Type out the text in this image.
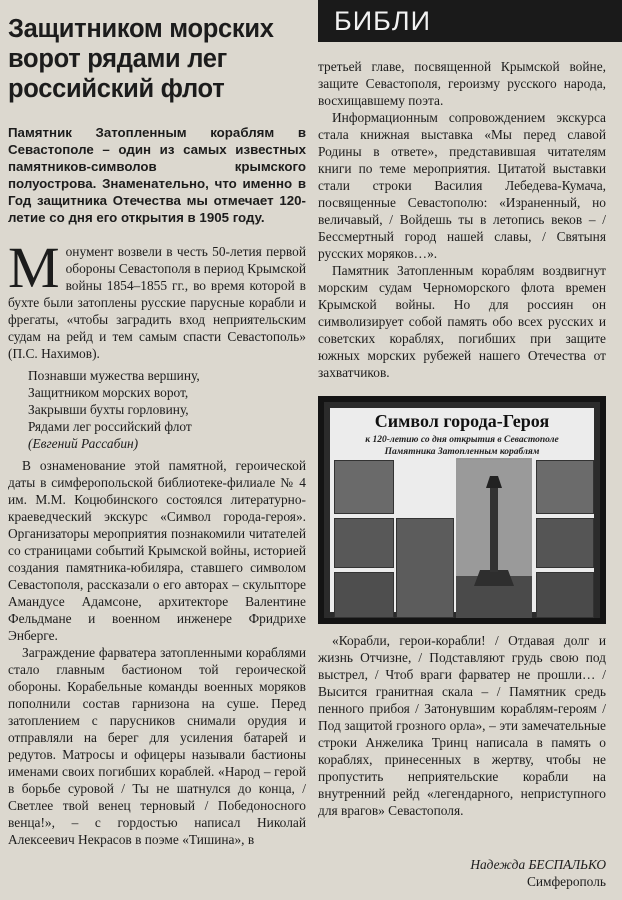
БИБЛИ
Защитником морских ворот рядами лег российский флот
Памятник Затопленным кораблям в Севастополе – один из самых известных памятников-символов крымского полуострова. Знаменательно, что именно в Год защитника Отечества мы отмечает 120-летие со дня его открытия в 1905 году.

Монумент возвели в честь 50-летия первой обороны Севастополя в период Крымской войны 1854–1855 гг., во время которой в бухте были затоплены русские парусные корабли и фрегаты, «чтобы заградить вход неприятельским судам на рейд и тем самым спасти Севастополь» (П.С. Нахимов).

Познавши мужества вершину,
Защитником морских ворот,
Закрывши бухты горловину,
Рядами лег российский флот
(Евгений Рассабин)

В ознаменование этой памятной, героической даты в симферопольской библиотеке-филиале № 4 им. М.М. Коцюбинского состоялся литературно-краеведческий экскурс «Символ города-героя». Организаторы мероприятия познакомили читателей со страницами событий Крымской войны, историей создания памятника-юбиляра, ставшего символом Севастополя, рассказали о его авторах – скульпторе Амандусе Адамсоне, архитекторе Валентине Фельдмане и военном инженере Фридрихе Энберге.

Заграждение фарватера затопленными кораблями стало главным бастионом той героической обороны. Корабельные команды военных моряков пополнили состав гарнизона на суше. Перед затоплением с парусников снимали орудия и отправляли на берег для усиления батарей и редутов. Матросы и офицеры называли бастионы именами своих погибших кораблей. «Народ – герой в борьбе суровой / Ты не шатнулся до конца, / Светлее твой венец терновый / Победоносного венца!», – с гордостью написал Николай Алексеевич Некрасов в поэме «Тишина», в

третьей главе, посвященной Крымской войне, защите Севастополя, героизму русского народа, восхищавшему поэта.

Информационным сопровождением экскурса стала книжная выставка «Мы перед славой Родины в ответе», представившая читателям книги по теме мероприятия. Цитатой выставки стали строки Василия Лебедева-Кумача, посвященные Севастополю: «Израненный, но величавый, / Войдешь ты в летопись веков – / Бессмертный город нашей славы, / Святыня русских моряков…».

Памятник Затопленным кораблям воздвигнут морским судам Черноморского флота времен Крымской войны. Но для россиян он символизирует собой память обо всех русских и советских кораблях, погибших при защите южных морских рубежей нашего Отечества от захватчиков.

Символ города-Героя
к 120-летию со дня открытия в Севастополе
Памятника Затопленным кораблям

«Корабли, герои-корабли! / Отдавая долг и жизнь Отчизне, / Подставляют грудь свою под выстрел, / Чтоб враги фарватер не прошли… / Высится гранитная скала – / Памятник средь пенного прибоя / Затонувшим кораблям-героям / Под защитой грозного орла», – эти замечательные строки Анжелика Тринц написала в память о кораблях, принесенных в жертву, чтобы не пропустить неприятельские корабли на внутренний рейд «легендарного, неприступного для врагов» Севастополя.

Надежда БЕСПАЛЬКО
Симферополь
